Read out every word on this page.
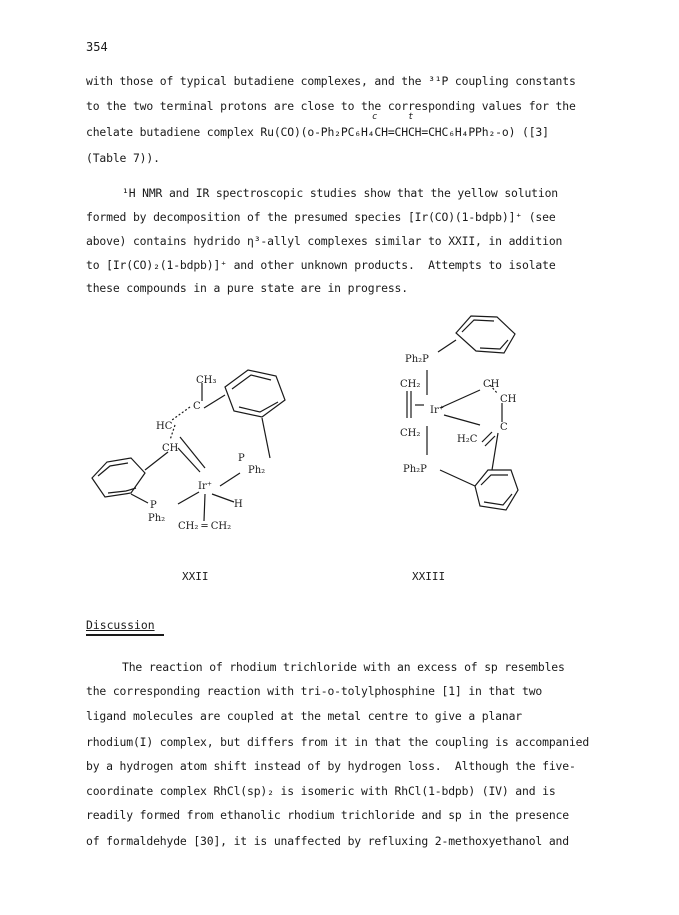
354
with those of typical butadiene complexes, and the ³¹P coupling constants
to the two terminal protons are close to the corresponding values for the
c	t
chelate butadiene complex Ru(CO)(o-Ph₂PC₆H₄CH=CHCH=CHC₆H₄PPh₂-o) ([3]
(Table 7)).
¹H NMR and IR spectroscopic studies show that the yellow solution
formed by decomposition of the presumed species [Ir(CO)(1-bdpb)]⁺ (see
above) contains hydrido η³-allyl complexes similar to XXII, in addition
to [Ir(CO)₂(1-bdpb)]⁺ and other unknown products.  Attempts to isolate
these compounds in a pure state are in progress.
CH₃
C
HC
CH
P
Ph₂
Ir⁺
H
P
Ph₂
CH₂ ═ CH₂
Ph₂P
CH₂
Ir⁺
CH₂
CH
CH
C
H₂C
Ph₂P
XXII	XXIII
Discussion
The reaction of rhodium trichloride with an excess of sp resembles
the corresponding reaction with tri-o-tolylphosphine [1] in that two
ligand molecules are coupled at the metal centre to give a planar
rhodium(I) complex, but differs from it in that the coupling is accompanied
by a hydrogen atom shift instead of by hydrogen loss.  Although the five-
coordinate complex RhCl(sp)₂ is isomeric with RhCl(1-bdpb) (IV) and is
readily formed from ethanolic rhodium trichloride and sp in the presence
of formaldehyde [30], it is unaffected by refluxing 2-methoxyethanol and
